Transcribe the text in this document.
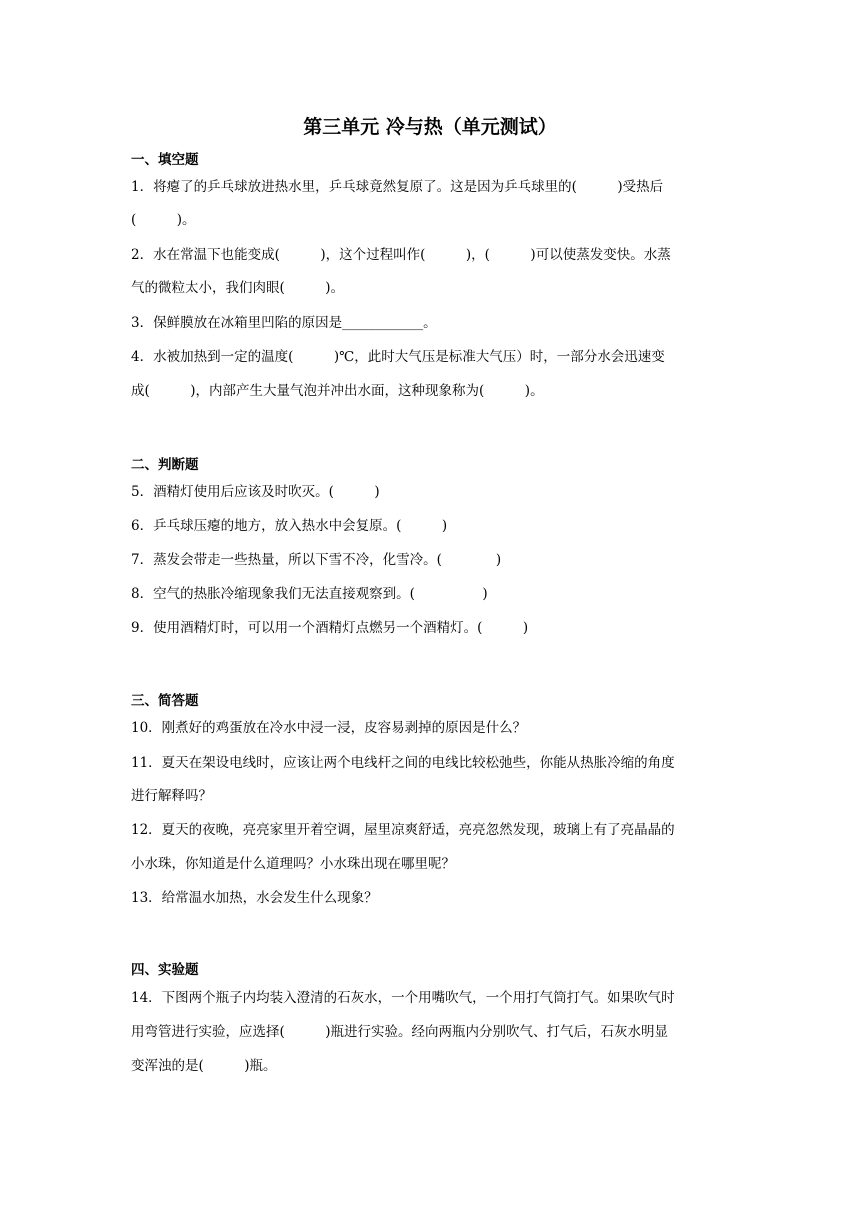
第三单元 冷与热（单元测试）
一、填空题
1．将瘪了的乒乓球放进热水里，乒乓球竟然复原了。这是因为乒乓球里的(　　　)受热后
(　　　)。
2．水在常温下也能变成(　　　)，这个过程叫作(　　　)，(　　　)可以使蒸发变快。水蒸
气的微粒太小，我们肉眼(　　　)。
3．保鲜膜放在冰箱里凹陷的原因是____________。
4．水被加热到一定的温度(　　　)℃，此时大气压是标准大气压）时，一部分水会迅速变
成(　　　)，内部产生大量气泡并冲出水面，这种现象称为(　　　)。
二、判断题
5．酒精灯使用后应该及时吹灭。(　　　)
6．乒乓球压瘪的地方，放入热水中会复原。(　　　)
7．蒸发会带走一些热量，所以下雪不冷，化雪冷。(　　　　)
8．空气的热胀冷缩现象我们无法直接观察到。(　　　　　)
9．使用酒精灯时，可以用一个酒精灯点燃另一个酒精灯。(　　　)
三、简答题
10．刚煮好的鸡蛋放在冷水中浸一浸，皮容易剥掉的原因是什么？
11．夏天在架设电线时，应该让两个电线杆之间的电线比较松弛些，你能从热胀冷缩的角度
进行解释吗？
12．夏天的夜晚，亮亮家里开着空调，屋里凉爽舒适，亮亮忽然发现，玻璃上有了亮晶晶的
小水珠，你知道是什么道理吗？小水珠出现在哪里呢？
13．给常温水加热，水会发生什么现象？
四、实验题
14．下图两个瓶子内均装入澄清的石灰水，一个用嘴吹气，一个用打气筒打气。如果吹气时
用弯管进行实验，应选择(　　　)瓶进行实验。经向两瓶内分别吹气、打气后，石灰水明显
变浑浊的是(　　　)瓶。
